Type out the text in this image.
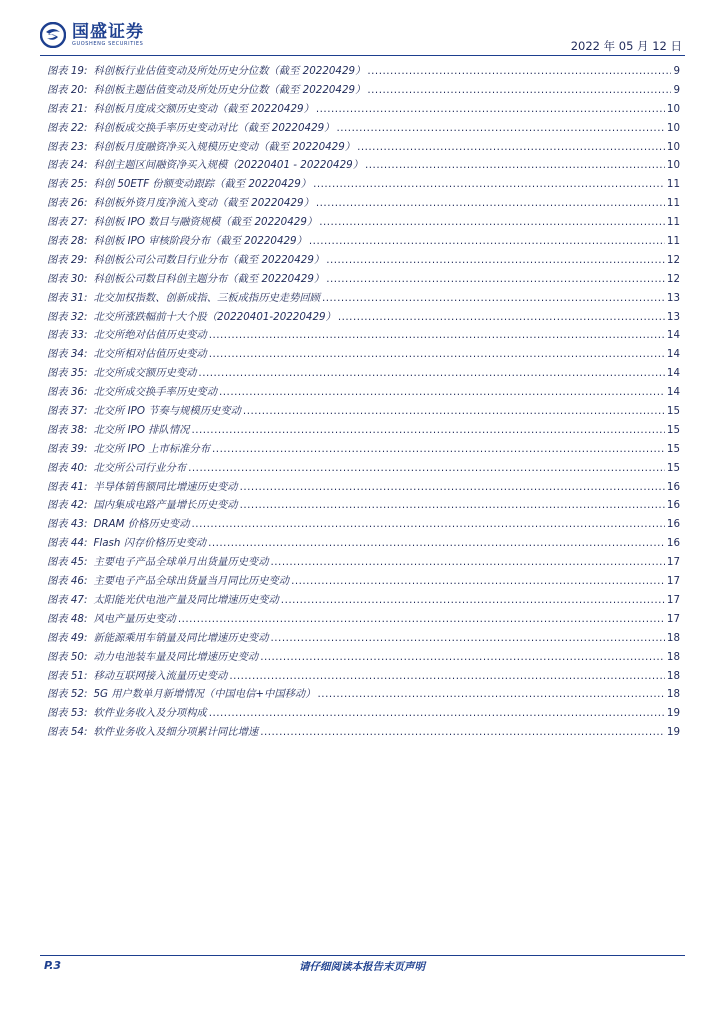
国盛证券
GUOSHENG SECURITIES	2022 年 05 月 12 日
图表 19: 科创板行业估值变动及所处历史分位数（截至 20220429） .....	9
图表 20: 科创板主题估值变动及所处历史分位数（截至 20220429） .....	9
图表 21: 科创板月度成交额历史变动（截至 20220429） .....	10
图表 22: 科创板成交换手率历史变动对比（截至 20220429） .....	10
图表 23: 科创板月度融资净买入规模历史变动（截至 20220429） .....	10
图表 24: 科创主题区间融资净买入规模（20220401 - 20220429） .....	10
图表 25: 科创 50ETF 份额变动跟踪（截至 20220429） .....	11
图表 26: 科创板外资月度净流入变动（截至 20220429） .....	11
图表 27: 科创板 IPO 数目与融资规模（截至 20220429） .....	11
图表 28: 科创板 IPO 审核阶段分布（截至 20220429） .....	11
图表 29: 科创板公司公司数目行业分布（截至 20220429） .....	12
图表 30: 科创板公司数目科创主题分布（截至 20220429） .....	12
图表 31: 北交加权指数、创新成指、三板成指历史走势回顾 .....	13
图表 32: 北交所涨跌幅前十大个股（20220401-20220429） .....	13
图表 33: 北交所绝对估值历史变动 .....	14
图表 34: 北交所相对估值历史变动 .....	14
图表 35: 北交所成交额历史变动 .....	14
图表 36: 北交所成交换手率历史变动 .....	14
图表 37: 北交所 IPO 节奏与规模历史变动 .....	15
图表 38: 北交所 IPO 排队情况 .....	15
图表 39: 北交所 IPO 上市标准分布 .....	15
图表 40: 北交所公司行业分布 .....	15
图表 41: 半导体销售额同比增速历史变动 .....	16
图表 42: 国内集成电路产量增长历史变动 .....	16
图表 43: DRAM 价格历史变动 .....	16
图表 44: Flash 闪存价格历史变动 .....	16
图表 45: 主要电子产品全球单月出货量历史变动 .....	17
图表 46: 主要电子产品全球出货量当月同比历史变动 .....	17
图表 47: 太阳能光伏电池产量及同比增速历史变动 .....	17
图表 48: 风电产量历史变动 .....	17
图表 49: 新能源乘用车销量及同比增速历史变动 .....	18
图表 50: 动力电池装车量及同比增速历史变动 .....	18
图表 51: 移动互联网接入流量历史变动 .....	18
图表 52: 5G 用户数单月新增情况（中国电信+中国移动） .....	18
图表 53: 软件业务收入及分项构成 .....	19
图表 54: 软件业务收入及细分项累计同比增速 .....	19
P.3	请仔细阅读本报告末页声明
